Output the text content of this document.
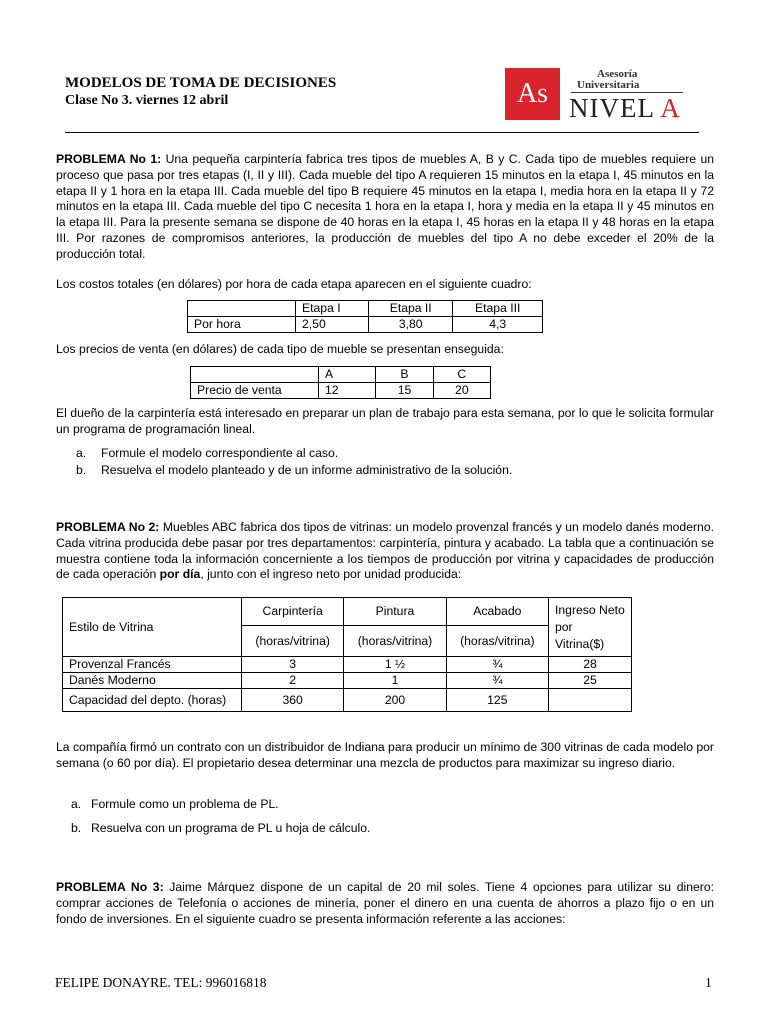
MODELOS DE TOMA DE DECISIONES
Clase No 3. viernes 12 abril	As
Asesoría
Universitaria
NIVEL A

PROBLEMA No 1: Una pequeña carpintería fabrica tres tipos de muebles A, B y C. Cada tipo de muebles requiere un proceso que pasa por tres etapas (I, II y III). Cada mueble del tipo A requieren 15 minutos en la etapa I, 45 minutos en la etapa II y 1 hora en la etapa III. Cada mueble del tipo B requiere 45 minutos en la etapa I, media hora en la etapa II y 72 minutos en la etapa III. Cada mueble del tipo C necesita 1 hora en la etapa I, hora y media en la etapa II y 45 minutos en la etapa III. Para la presente semana se dispone de 40 horas en la etapa I, 45 horas en la etapa II y 48 horas en la etapa III. Por razones de compromisos anteriores, la producción de muebles del tipo A no debe exceder el 20% de la producción total.

Los costos totales (en dólares) por hora de cada etapa aparecen en el siguiente cuadro:
	Etapa I	Etapa II	Etapa III
Por hora	2,50	3,80	4,3
Los precios de venta (en dólares) de cada tipo de mueble se presentan enseguida:
	A	B	C
Precio de venta	12	15	20
El dueño de la carpintería está interesado en preparar un plan de trabajo para esta semana, por lo que le solicita formular un programa de programación lineal.
a. Formule el modelo correspondiente al caso.
b. Resuelva el modelo planteado y de un informe administrativo de la solución.

PROBLEMA No 2: Muebles ABC fabrica dos tipos de vitrinas: un modelo provenzal francés y un modelo danés moderno. Cada vitrina producida debe pasar por tres departamentos: carpintería, pintura y acabado. La tabla que a continuación se muestra contiene toda la información concerniente a los tiempos de producción por vitrina y capacidades de producción de cada operación por día, junto con el ingreso neto por unidad producida:

Estilo de Vitrina	Carpintería	Pintura	Acabado	Ingreso Neto por Vitrina($)
	(horas/vitrina)	(horas/vitrina)	(horas/vitrina)	
Provenzal Francés	3	1 ½	¾	28
Danés Moderno	2	1	¾	25
Capacidad del depto. (horas)	360	200	125	
La compañía firmó un contrato con un distribuidor de Indiana para producir un mínimo de 300 vitrinas de cada modelo por semana (o 60 por día). El propietario desea determinar una mezcla de productos para maximizar su ingreso diario.
a. Formule como un problema de PL.
b. Resuelva con un programa de PL u hoja de cálculo.

PROBLEMA No 3: Jaime Márquez dispone de un capital de 20 mil soles. Tiene 4 opciones para utilizar su dinero: comprar acciones de Telefonía o acciones de minería, poner el dinero en una cuenta de ahorros a plazo fijo o en un fondo de inversiones. En el siguiente cuadro se presenta información referente a las acciones:

FELIPE DONAYRE. TEL: 996016818	1
